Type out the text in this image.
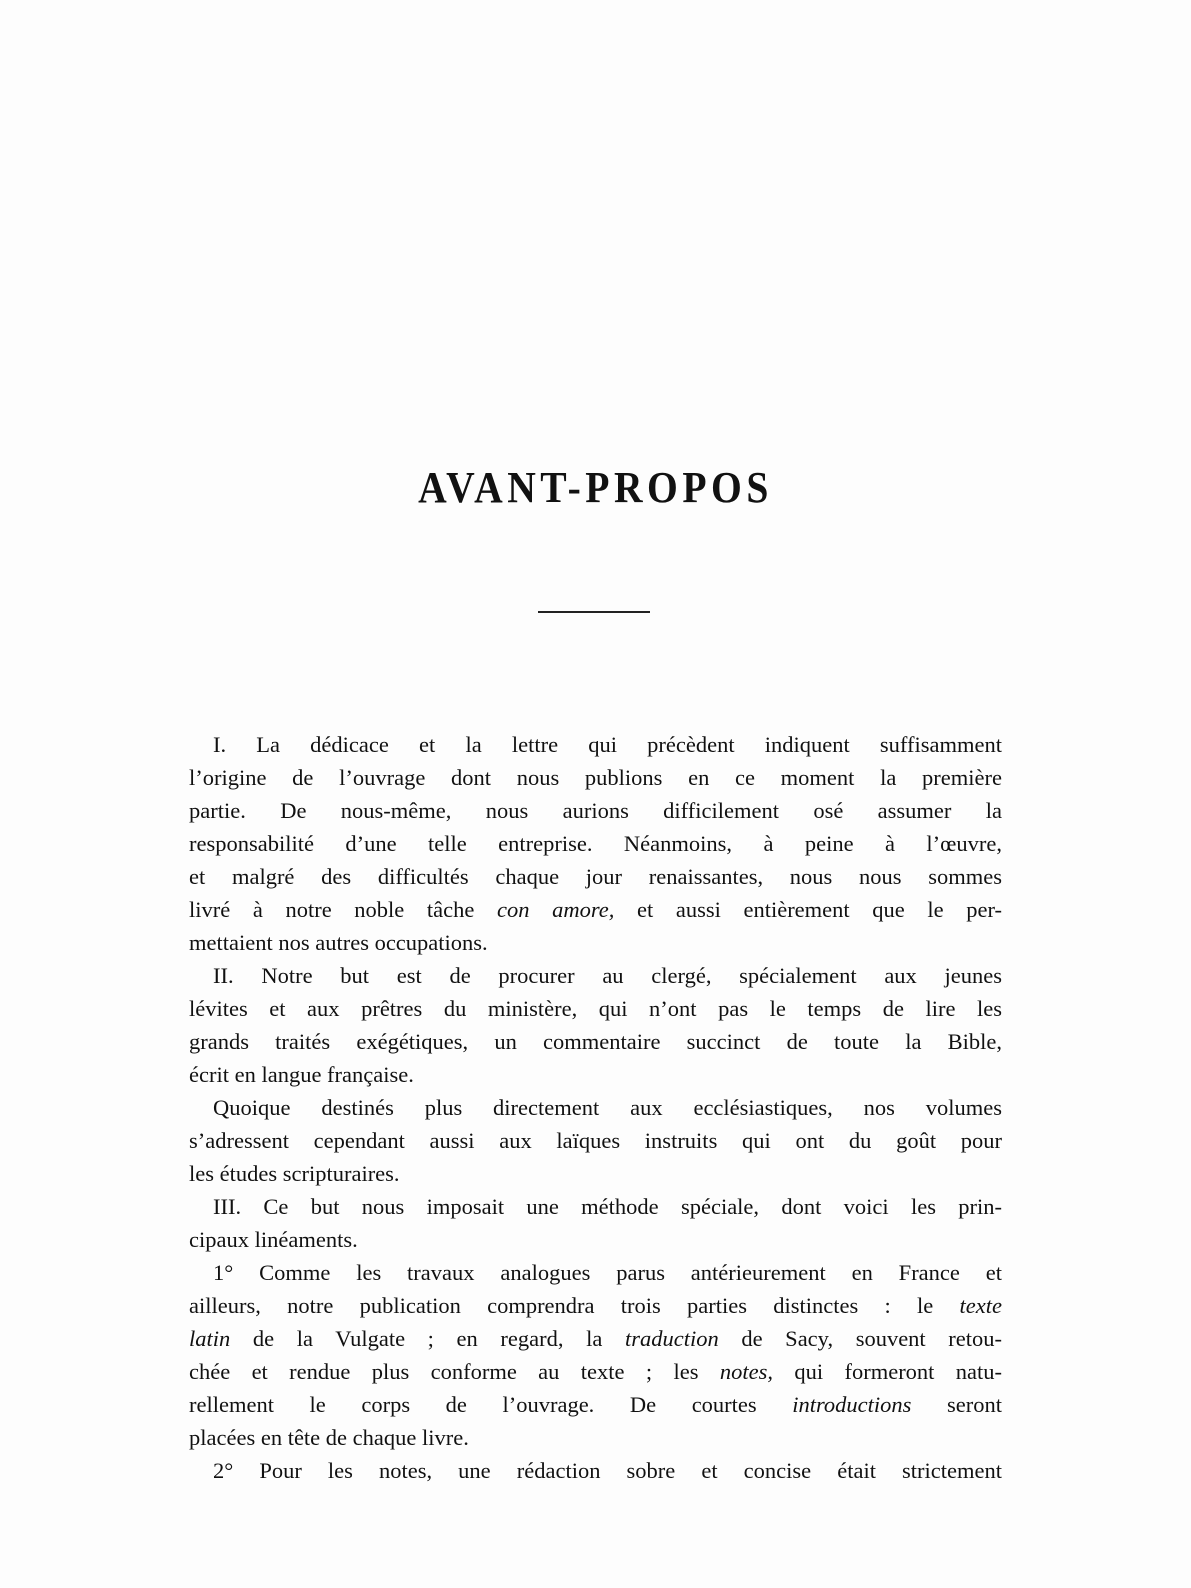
AVANT-PROPOS
I. La dédicace et la lettre qui précèdent indiquent suffisamment
l’origine de l’ouvrage dont nous publions en ce moment la première
partie. De nous-même, nous aurions difficilement osé assumer la
responsabilité d’une telle entreprise. Néanmoins, à peine à l’œuvre,
et malgré des difficultés chaque jour renaissantes, nous nous sommes
livré à notre noble tâche con amore, et aussi entièrement que le per-
mettaient nos autres occupations.
II. Notre but est de procurer au clergé, spécialement aux jeunes
lévites et aux prêtres du ministère, qui n’ont pas le temps de lire les
grands traités exégétiques, un commentaire succinct de toute la Bible,
écrit en langue française.
Quoique destinés plus directement aux ecclésiastiques, nos volumes
s’adressent cependant aussi aux laïques instruits qui ont du goût pour
les études scripturaires.
III. Ce but nous imposait une méthode spéciale, dont voici les prin-
cipaux linéaments.
1° Comme les travaux analogues parus antérieurement en France et
ailleurs, notre publication comprendra trois parties distinctes : le texte
latin de la Vulgate ; en regard, la traduction de Sacy, souvent retou-
chée et rendue plus conforme au texte ; les notes, qui formeront natu-
rellement le corps de l’ouvrage. De courtes introductions seront
placées en tête de chaque livre.
2° Pour les notes, une rédaction sobre et concise était strictement
